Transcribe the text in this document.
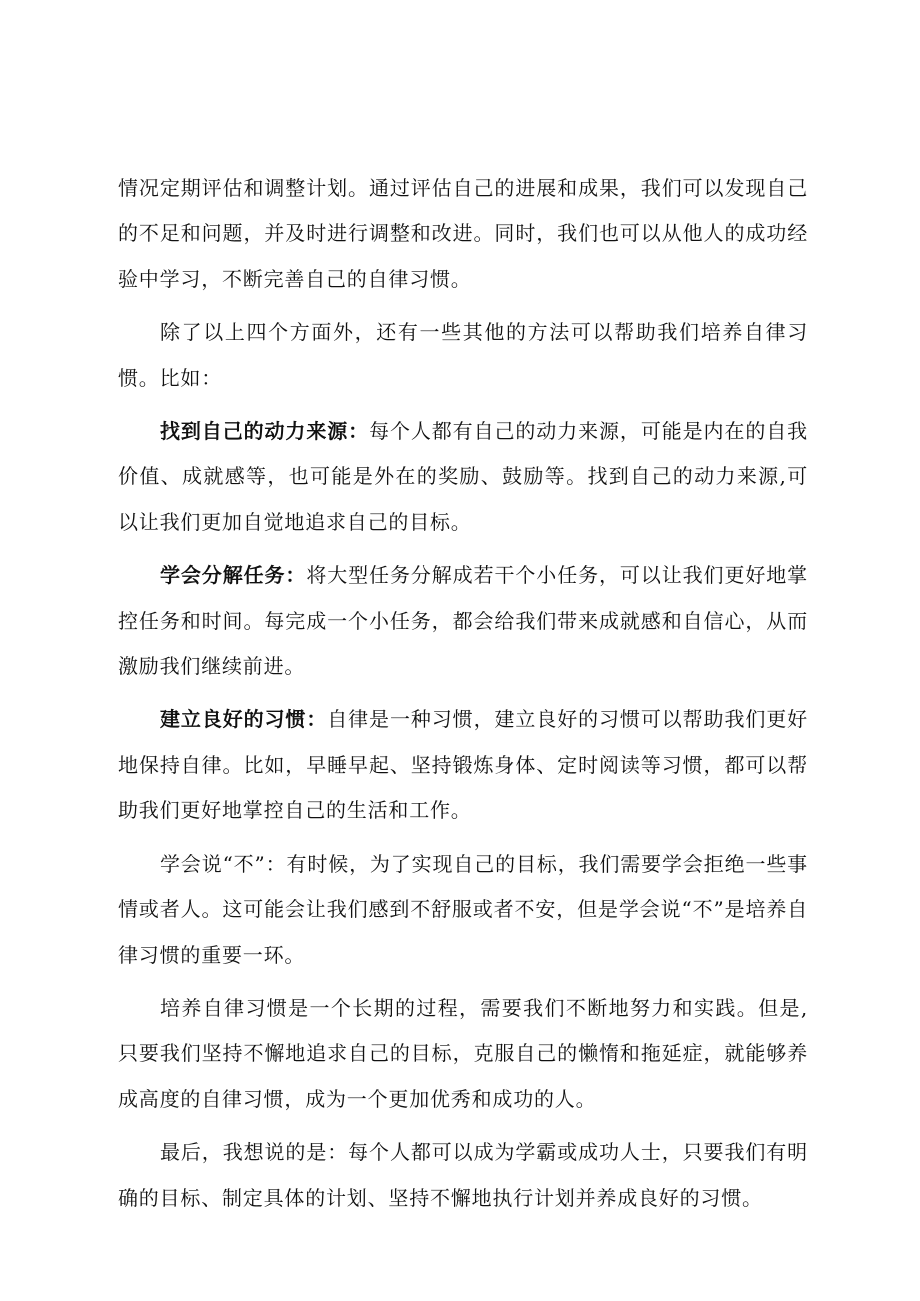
情况定期评估和调整计划。通过评估自己的进展和成果，我们可以发现自己的不足和问题，并及时进行调整和改进。同时，我们也可以从他人的成功经验中学习，不断完善自己的自律习惯。

除了以上四个方面外，还有一些其他的方法可以帮助我们培养自律习惯。比如：

找到自己的动力来源：每个人都有自己的动力来源，可能是内在的自我价值、成就感等，也可能是外在的奖励、鼓励等。找到自己的动力来源,可以让我们更加自觉地追求自己的目标。

学会分解任务：将大型任务分解成若干个小任务，可以让我们更好地掌控任务和时间。每完成一个小任务，都会给我们带来成就感和自信心，从而激励我们继续前进。

建立良好的习惯：自律是一种习惯，建立良好的习惯可以帮助我们更好地保持自律。比如，早睡早起、坚持锻炼身体、定时阅读等习惯，都可以帮助我们更好地掌控自己的生活和工作。

学会说“不”：有时候，为了实现自己的目标，我们需要学会拒绝一些事情或者人。这可能会让我们感到不舒服或者不安，但是学会说“不”是培养自律习惯的重要一环。

培养自律习惯是一个长期的过程，需要我们不断地努力和实践。但是,只要我们坚持不懈地追求自己的目标，克服自己的懒惰和拖延症，就能够养成高度的自律习惯，成为一个更加优秀和成功的人。

最后，我想说的是：每个人都可以成为学霸或成功人士，只要我们有明确的目标、制定具体的计划、坚持不懈地执行计划并养成良好的习惯。
